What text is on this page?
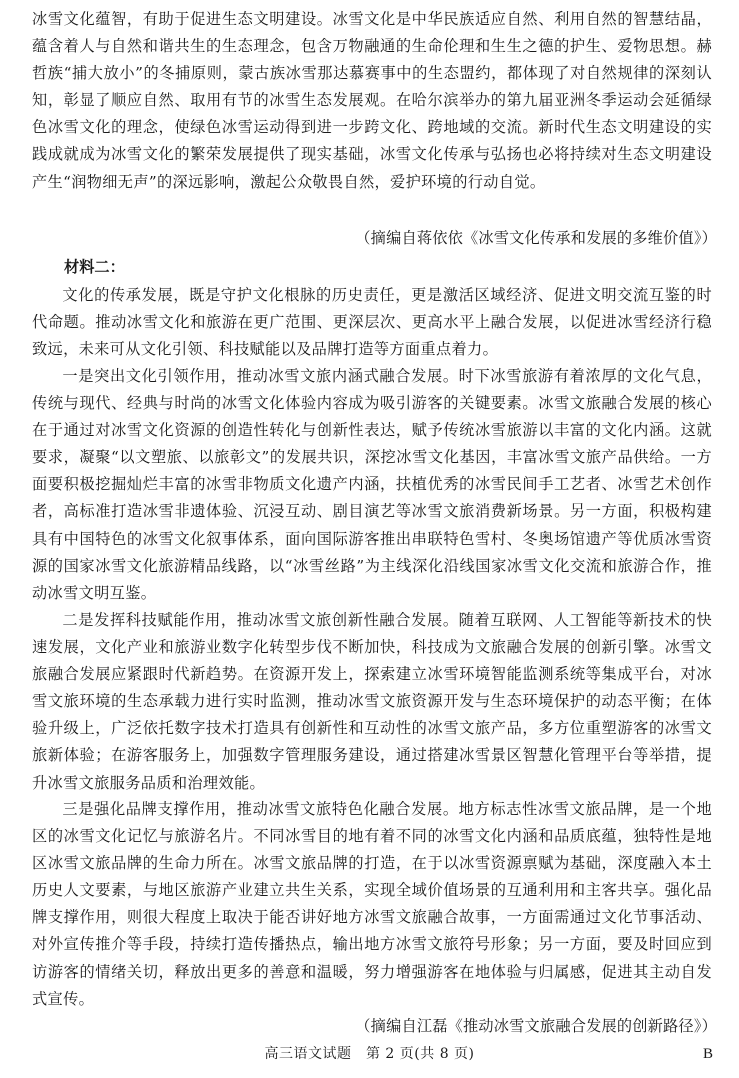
冰雪文化蕴智，有助于促进生态文明建设。冰雪文化是中华民族适应自然、利用自然的智慧结晶，蕴含着人与自然和谐共生的生态理念，包含万物融通的生命伦理和生生之德的护生、爱物思想。赫哲族“捕大放小”的冬捕原则，蒙古族冰雪那达慕赛事中的生态盟约，都体现了对自然规律的深刻认知，彰显了顺应自然、取用有节的冰雪生态发展观。在哈尔滨举办的第九届亚洲冬季运动会延循绿色冰雪文化的理念，使绿色冰雪运动得到进一步跨文化、跨地域的交流。新时代生态文明建设的实践成就成为冰雪文化的繁荣发展提供了现实基础，冰雪文化传承与弘扬也必将持续对生态文明建设产生“润物细无声”的深远影响，激起公众敬畏自然，爱护环境的行动自觉。

（摘编自蒋依依《冰雪文化传承和发展的多维价值》）

材料二：

文化的传承发展，既是守护文化根脉的历史责任，更是激活区域经济、促进文明交流互鉴的时代命题。推动冰雪文化和旅游在更广范围、更深层次、更高水平上融合发展，以促进冰雪经济行稳致远，未来可从文化引领、科技赋能以及品牌打造等方面重点着力。

一是突出文化引领作用，推动冰雪文旅内涵式融合发展。时下冰雪旅游有着浓厚的文化气息，传统与现代、经典与时尚的冰雪文化体验内容成为吸引游客的关键要素。冰雪文旅融合发展的核心在于通过对冰雪文化资源的创造性转化与创新性表达，赋予传统冰雪旅游以丰富的文化内涵。这就要求，凝聚“以文塑旅、以旅彰文”的发展共识，深挖冰雪文化基因，丰富冰雪文旅产品供给。一方面要积极挖掘灿烂丰富的冰雪非物质文化遗产内涵，扶植优秀的冰雪民间手工艺者、冰雪艺术创作者，高标准打造冰雪非遗体验、沉浸互动、剧目演艺等冰雪文旅消费新场景。另一方面，积极构建具有中国特色的冰雪文化叙事体系，面向国际游客推出串联特色雪村、冬奥场馆遗产等优质冰雪资源的国家冰雪文化旅游精品线路，以“冰雪丝路”为主线深化沿线国家冰雪文化交流和旅游合作，推动冰雪文明互鉴。

二是发挥科技赋能作用，推动冰雪文旅创新性融合发展。随着互联网、人工智能等新技术的快速发展，文化产业和旅游业数字化转型步伐不断加快，科技成为文旅融合发展的创新引擎。冰雪文旅融合发展应紧跟时代新趋势。在资源开发上，探索建立冰雪环境智能监测系统等集成平台，对冰雪文旅环境的生态承载力进行实时监测，推动冰雪文旅资源开发与生态环境保护的动态平衡；在体验升级上，广泛依托数字技术打造具有创新性和互动性的冰雪文旅产品，多方位重塑游客的冰雪文旅新体验；在游客服务上，加强数字管理服务建设，通过搭建冰雪景区智慧化管理平台等举措，提升冰雪文旅服务品质和治理效能。

三是强化品牌支撑作用，推动冰雪文旅特色化融合发展。地方标志性冰雪文旅品牌，是一个地区的冰雪文化记忆与旅游名片。不同冰雪目的地有着不同的冰雪文化内涵和品质底蕴，独特性是地区冰雪文旅品牌的生命力所在。冰雪文旅品牌的打造，在于以冰雪资源禀赋为基础，深度融入本土历史人文要素，与地区旅游产业建立共生关系，实现全域价值场景的互通利用和主客共享。强化品牌支撑作用，则很大程度上取决于能否讲好地方冰雪文旅融合故事，一方面需通过文化节事活动、对外宣传推介等手段，持续打造传播热点，输出地方冰雪文旅符号形象；另一方面，要及时回应到访游客的情绪关切，释放出更多的善意和温暖，努力增强游客在地体验与归属感，促进其主动自发式宣传。

（摘编自江磊《推动冰雪文旅融合发展的创新路径》）

高三语文试题　第 2 页(共 8 页)	B
